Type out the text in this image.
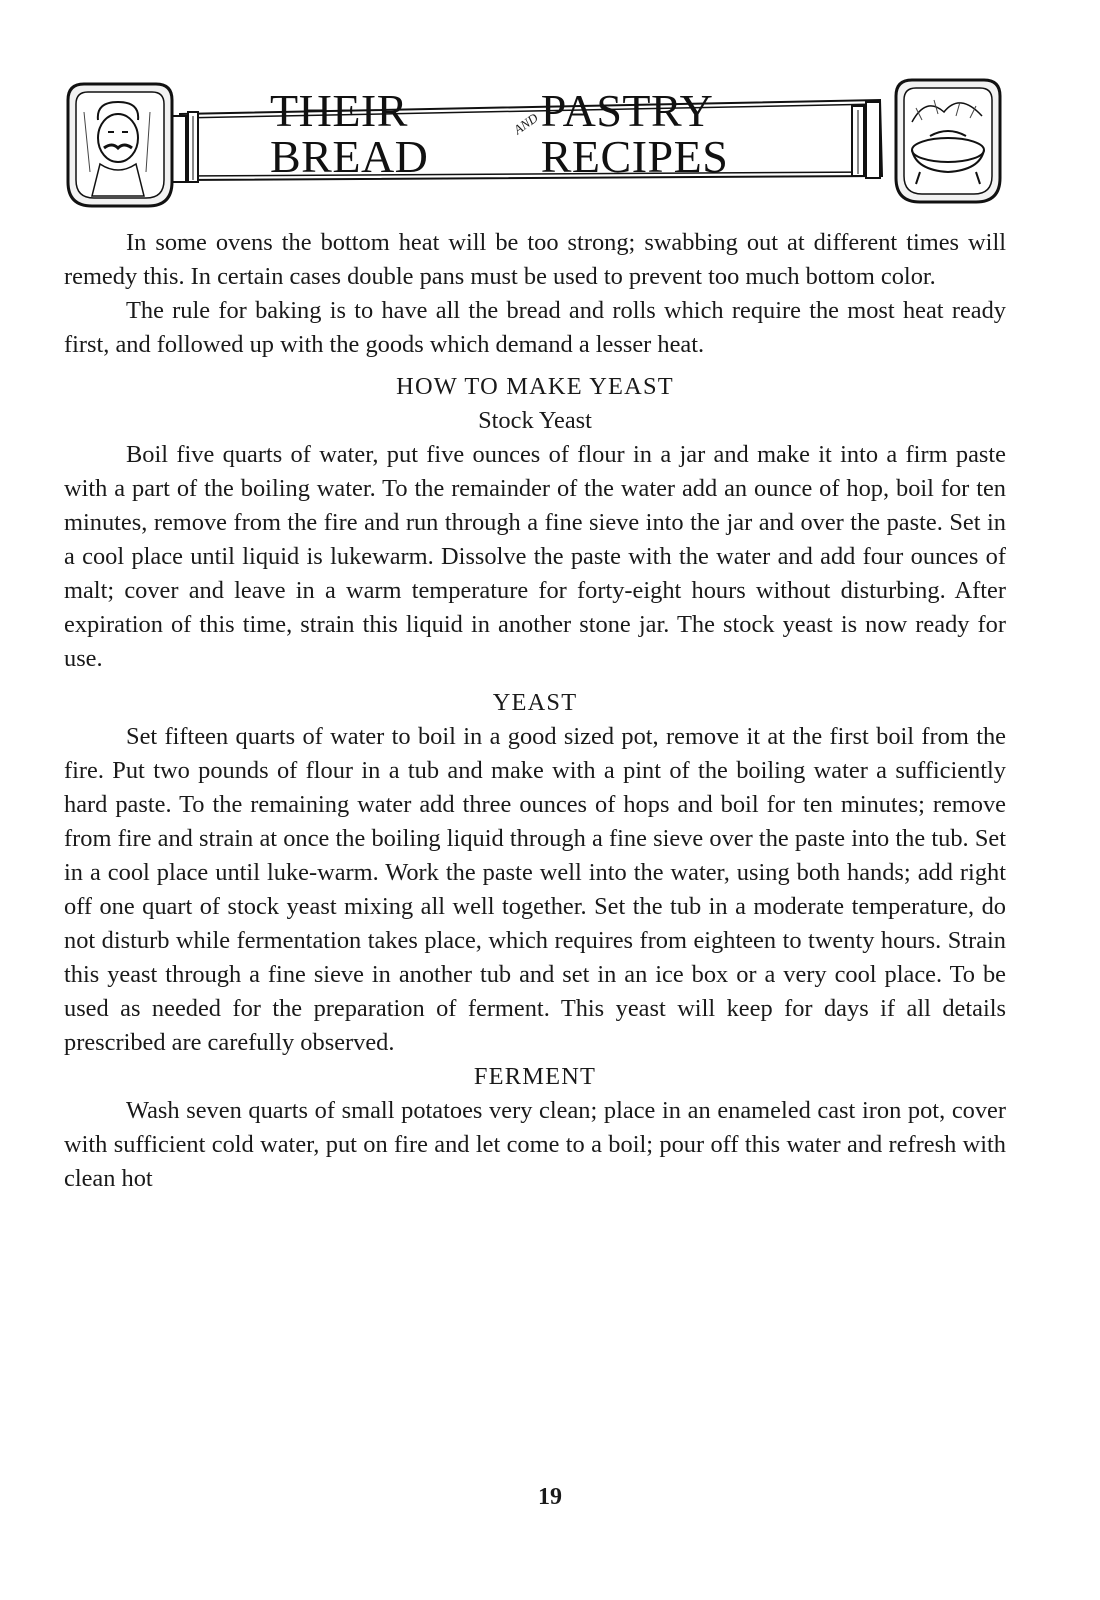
THEIR BREAD
AND PASTRY RECIPES

In some ovens the bottom heat will be too strong; swabbing out at different times will remedy this. In certain cases double pans must be used to prevent too much bottom color.

The rule for baking is to have all the bread and rolls which require the most heat ready first, and followed up with the goods which demand a lesser heat.

HOW TO MAKE YEAST
Stock Yeast

Boil five quarts of water, put five ounces of flour in a jar and make it into a firm paste with a part of the boiling water. To the remainder of the water add an ounce of hop, boil for ten minutes, remove from the fire and run through a fine sieve into the jar and over the paste. Set in a cool place until liquid is lukewarm. Dissolve the paste with the water and add four ounces of malt; cover and leave in a warm temperature for forty-eight hours without disturbing. After expiration of this time, strain this liquid in another stone jar. The stock yeast is now ready for use.

YEAST

Set fifteen quarts of water to boil in a good sized pot, remove it at the first boil from the fire. Put two pounds of flour in a tub and make with a pint of the boiling water a sufficiently hard paste. To the remaining water add three ounces of hops and boil for ten minutes; remove from fire and strain at once the boiling liquid through a fine sieve over the paste into the tub. Set in a cool place until luke-warm. Work the paste well into the water, using both hands; add right off one quart of stock yeast mixing all well together. Set the tub in a moderate temperature, do not disturb while fermentation takes place, which requires from eighteen to twenty hours. Strain this yeast through a fine sieve in another tub and set in an ice box or a very cool place. To be used as needed for the preparation of ferment. This yeast will keep for days if all details prescribed are carefully observed.

FERMENT

Wash seven quarts of small potatoes very clean; place in an enameled cast iron pot, cover with sufficient cold water, put on fire and let come to a boil; pour off this water and refresh with clean hot

19
